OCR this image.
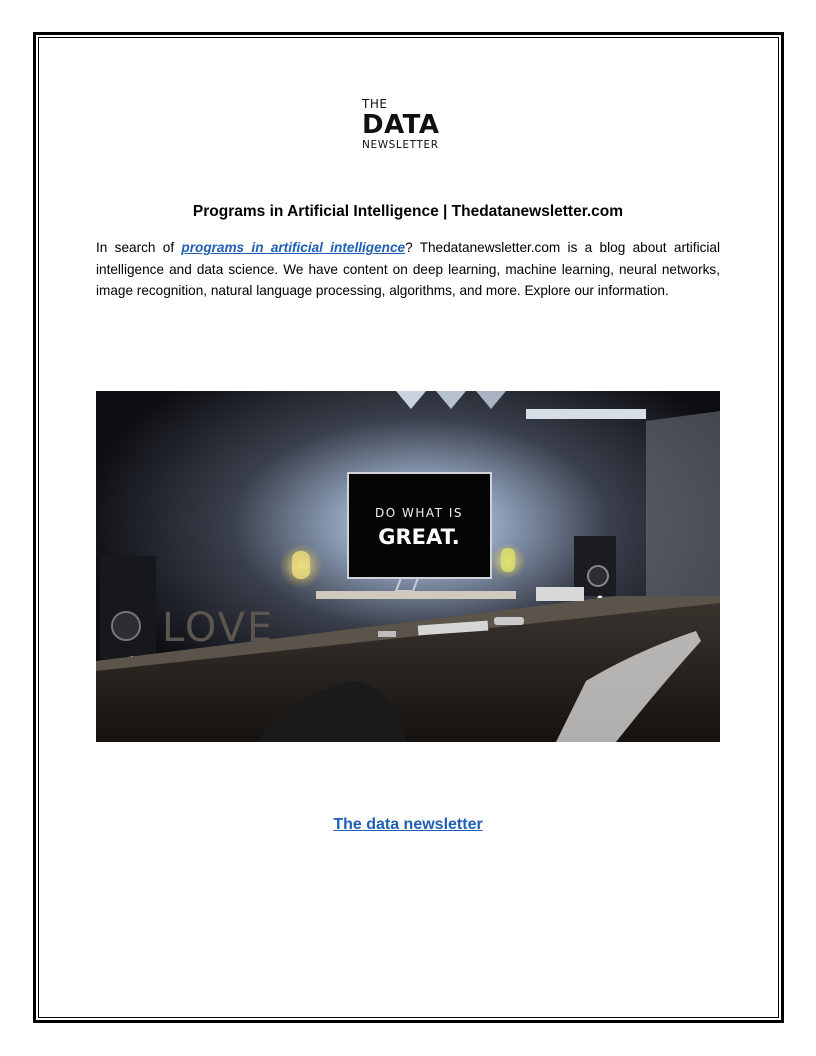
THE
DATA
NEWSLETTER
Programs in Artificial Intelligence | Thedatanewsletter.com
In search of programs in artificial intelligence? Thedatanewsletter.com is a blog about artificial intelligence and data science. We have content on deep learning, machine learning, neural networks, image recognition, natural language processing, algorithms, and more. Explore our information.
DO WHAT IS
GREAT.
LOVE
The data newsletter
